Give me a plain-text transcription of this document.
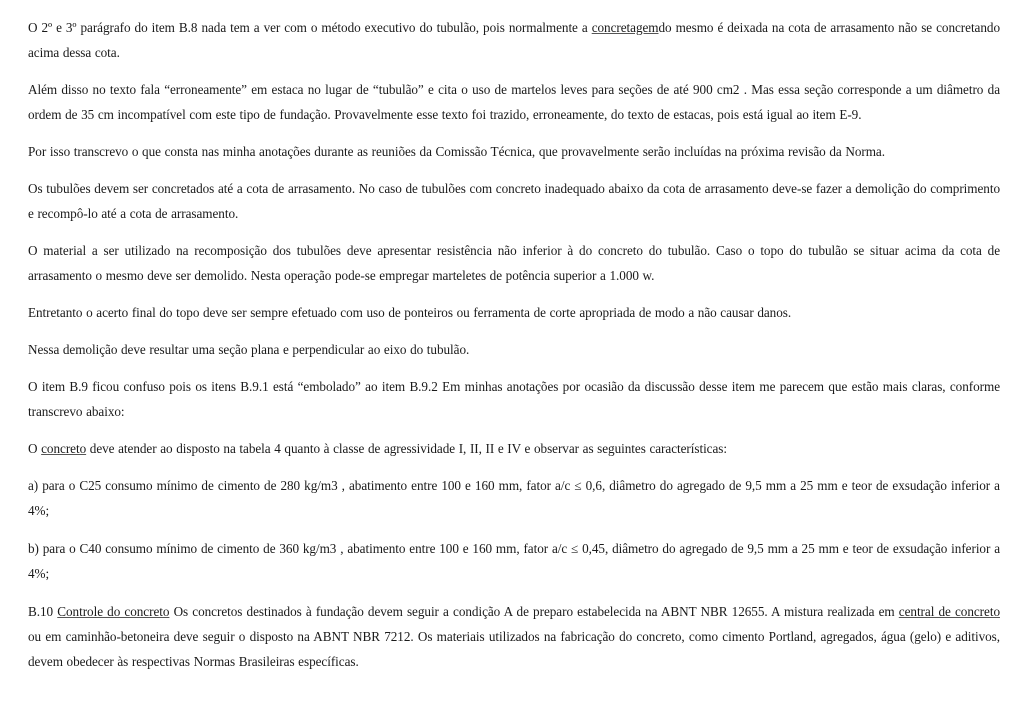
O 2º e 3º parágrafo do item B.8 nada tem a ver com o método executivo do tubulão, pois normalmente a concretagemdo mesmo é deixada na cota de arrasamento não se concretando acima dessa cota.

Além disso no texto fala “erroneamente” em estaca no lugar de “tubulão” e cita o uso de martelos leves para seções de até 900 cm2 . Mas essa seção corresponde a um diâmetro da ordem de 35 cm incompatível com este tipo de fundação. Provavelmente esse texto foi trazido, erroneamente, do texto de estacas, pois está igual ao item E-9.

Por isso transcrevo o que consta nas minha anotações durante as reuniões da Comissão Técnica, que provavelmente serão incluídas na próxima revisão da Norma.

Os tubulões devem ser concretados até a cota de arrasamento. No caso de tubulões com concreto inadequado abaixo da cota de arrasamento deve-se fazer a demolição do comprimento e recompô-lo até a cota de arrasamento.

O material a ser utilizado na recomposição dos tubulões deve apresentar resistência não inferior à do concreto do tubulão. Caso o topo do tubulão se situar acima da cota de arrasamento o mesmo deve ser demolido. Nesta operação pode-se empregar marteletes de potência superior a 1.000 w.

Entretanto o acerto final do topo deve ser sempre efetuado com uso de ponteiros ou ferramenta de corte apropriada de modo a não causar danos.

Nessa demolição deve resultar uma seção plana e perpendicular ao eixo do tubulão.

O item B.9 ficou confuso pois os itens B.9.1 está “embolado” ao item B.9.2 Em minhas anotações por ocasião da discussão desse item me parecem que estão mais claras, conforme transcrevo abaixo:

O concreto deve atender ao disposto na tabela 4 quanto à classe de agressividade I, II, II e IV e observar as seguintes características:

a) para o C25 consumo mínimo de cimento de 280 kg/m3 , abatimento entre 100 e 160 mm, fator a/c ≤ 0,6, diâmetro do agregado de 9,5 mm a 25 mm e teor de exsudação inferior a 4%;

b) para o C40 consumo mínimo de cimento de 360 kg/m3 , abatimento entre 100 e 160 mm, fator a/c ≤ 0,45, diâmetro do agregado de 9,5 mm a 25 mm e teor de exsudação inferior a 4%;

B.10 Controle do concreto Os concretos destinados à fundação devem seguir a condição A de preparo estabelecida na ABNT NBR 12655. A mistura realizada em central de concreto ou em caminhão-betoneira deve seguir o disposto na ABNT NBR 7212. Os materiais utilizados na fabricação do concreto, como cimento Portland, agregados, água (gelo) e aditivos, devem obedecer às respectivas Normas Brasileiras específicas.
